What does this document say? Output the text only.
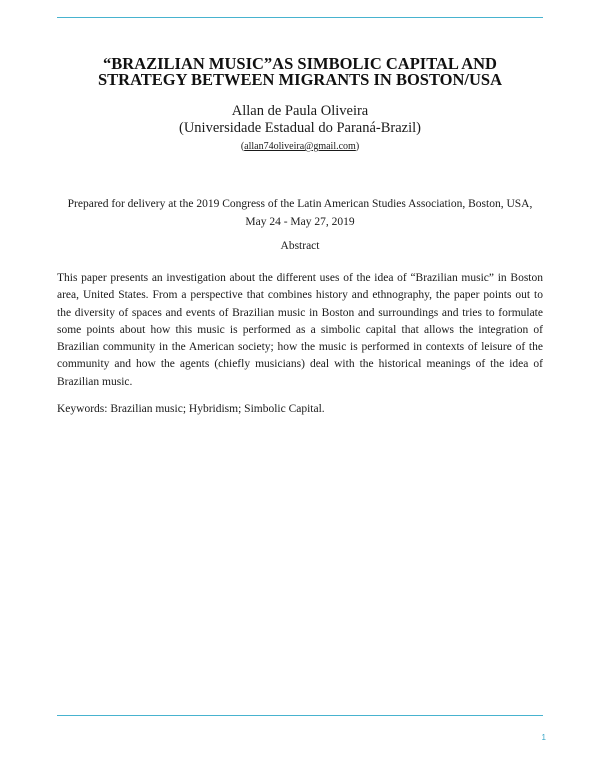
“BRAZILIAN MUSIC”AS SIMBOLIC CAPITAL AND STRATEGY BETWEEN MIGRANTS IN BOSTON/USA
Allan de Paula Oliveira
(Universidade Estadual do Paraná-Brazil)
(allan74oliveira@gmail.com)
Prepared for delivery at the 2019 Congress of the Latin American Studies Association, Boston, USA, May 24 - May 27, 2019
Abstract
This paper presents an investigation about the different uses of the idea of “Brazilian music” in Boston area, United States. From a perspective that combines history and ethnography, the paper points out to the diversity of spaces and events of Brazilian music in Boston and surroundings and tries to formulate some points about how this music is performed as a simbolic capital that allows the integration of Brazilian community in the American society; how the music is performed in contexts of leisure of the community and how the agents (chiefly musicians) deal with the historical meanings of the idea of Brazilian music.
Keywords: Brazilian music; Hybridism; Simbolic Capital.
1
